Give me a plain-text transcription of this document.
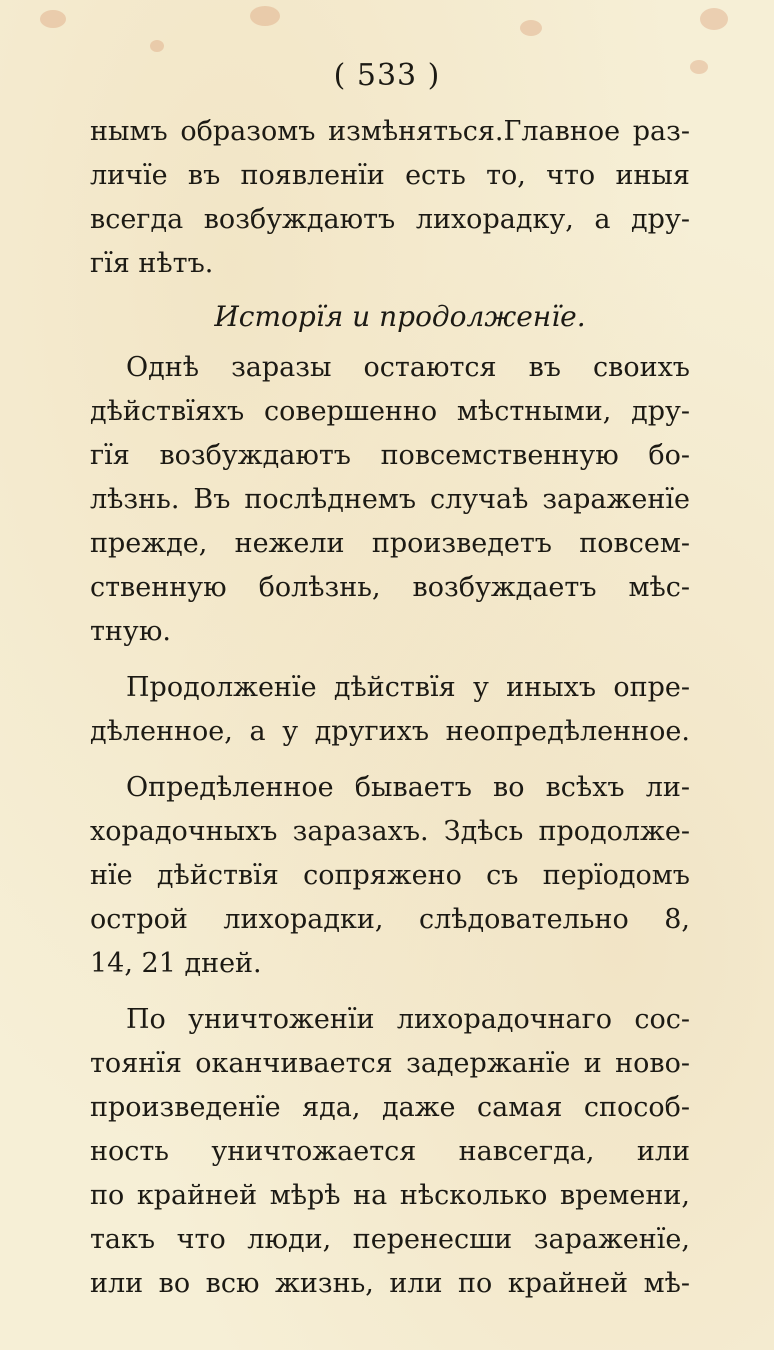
( 533 )
нымъ образомъ измѣняться.Главное раз-
личїе въ появленїи есть то, что иныя
всегда возбуждаютъ лихорадку, а дру-
гїя нѣтъ.
Исторїя и продолженїе.
Однѣ заразы остаются въ своихъ
дѣйствїяхъ совершенно мѣстными, дру-
гїя возбуждаютъ повсемственную бо-
лѣзнь. Въ послѣднемъ случаѣ зараженїе
прежде, нежели произведетъ повсем-
ственную болѣзнь, возбуждаетъ мѣс-
тную.
Продолженїе дѣйствїя у иныхъ опре-
дѣленное, а у другихъ неопредѣленное.
Опредѣленное бываетъ во всѣхъ ли-
хорадочныхъ заразахъ. Здѣсь продолже-
нїе дѣйствїя сопряжено съ перїодомъ
острой лихорадки, слѣдовательно 8,
14, 21 дней.
По уничтоженїи лихорадочнаго сос-
тоянїя оканчивается задержанїе и ново-
произведенїе яда, даже самая способ-
ность уничтожается навсегда, или
по крайней мѣрѣ на нѣсколько времени,
такъ что люди, перенесши зараженїе,
или во всю жизнь, или по крайней мѣ-
